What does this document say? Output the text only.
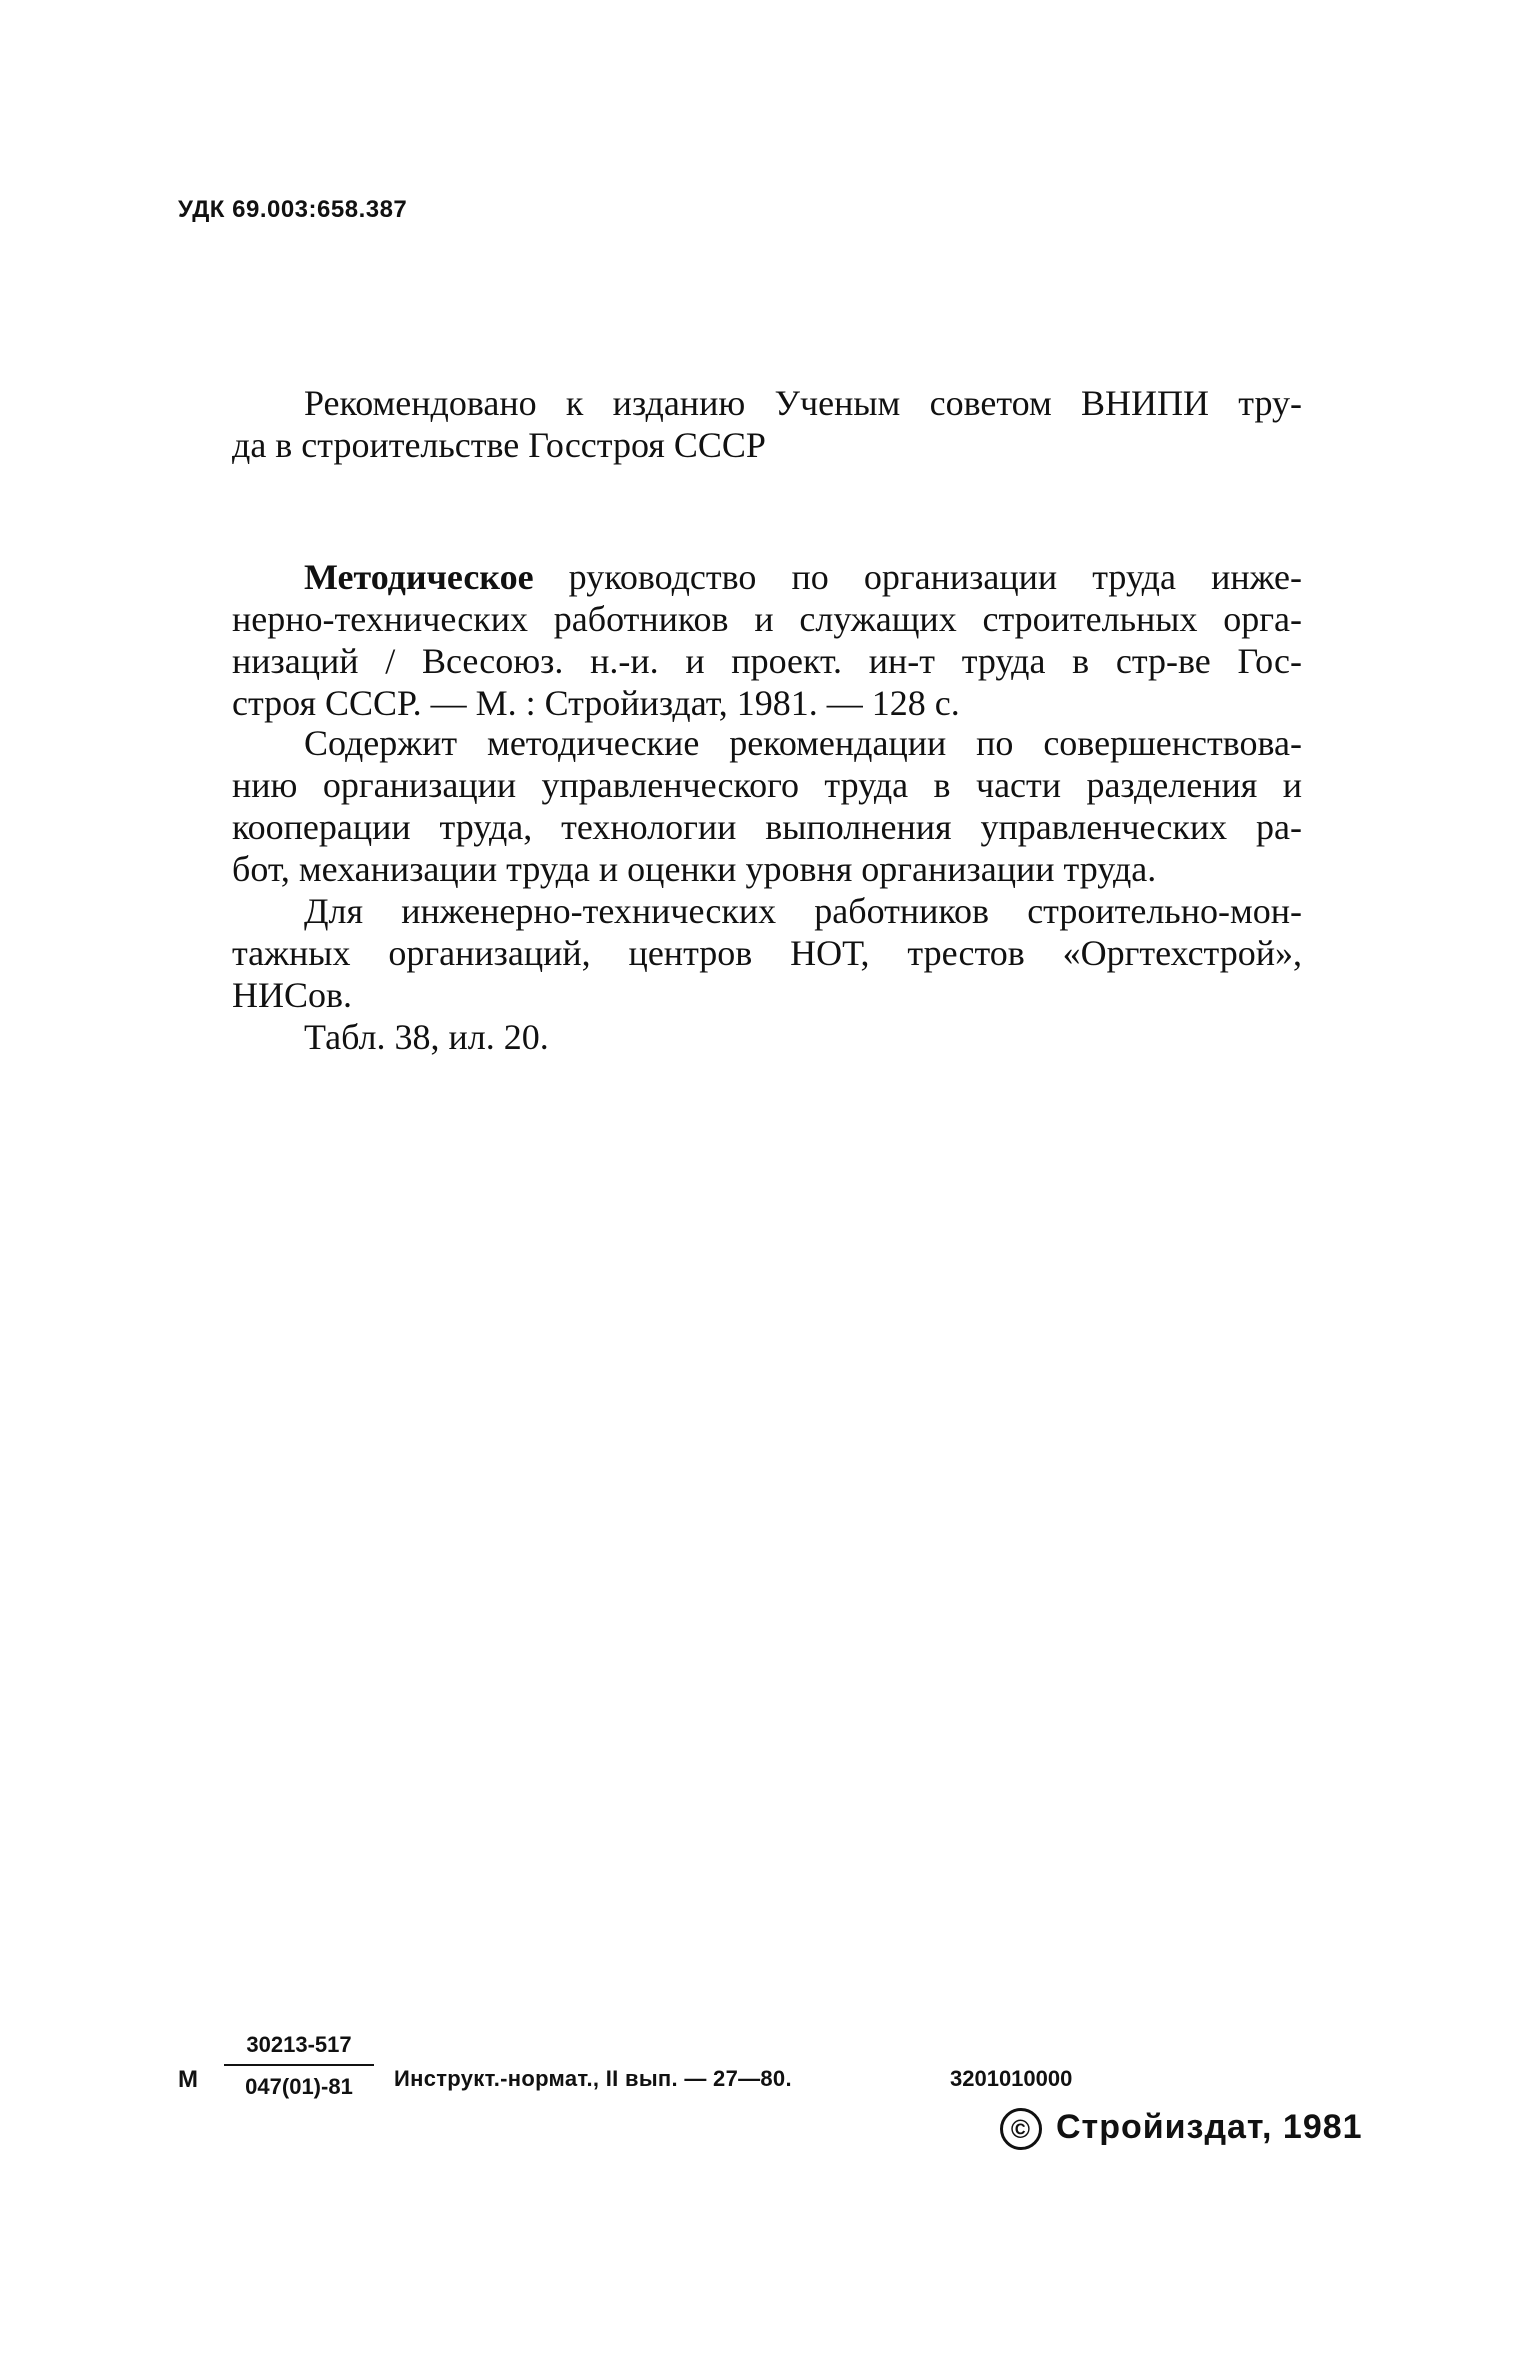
УДК 69.003:658.387
Рекомендовано к изданию Ученым советом ВНИПИ тру-
да в строительстве Госстроя СССР
Методическое руководство по организации труда инже-
нерно-технических работников и служащих строительных орга-
низаций / Всесоюз. н.-и. и проект. ин-т труда в стр-ве Гос-
строя СССР. — М. : Стройиздат, 1981. — 128 с.
Содержит методические рекомендации по совершенствова-
нию организации управленческого труда в части разделения и
кооперации труда, технологии выполнения управленческих ра-
бот, механизации труда и оценки уровня организации труда.
Для инженерно-технических работников строительно-мон-
тажных организаций, центров НОТ, трестов «Оргтехстрой»,
НИСов.
Табл. 38, ил. 20.
М
30213-517
047(01)-81	Инструкт.-нормат., II вып. — 27—80.	3201010000
© Стройиздат, 1981
